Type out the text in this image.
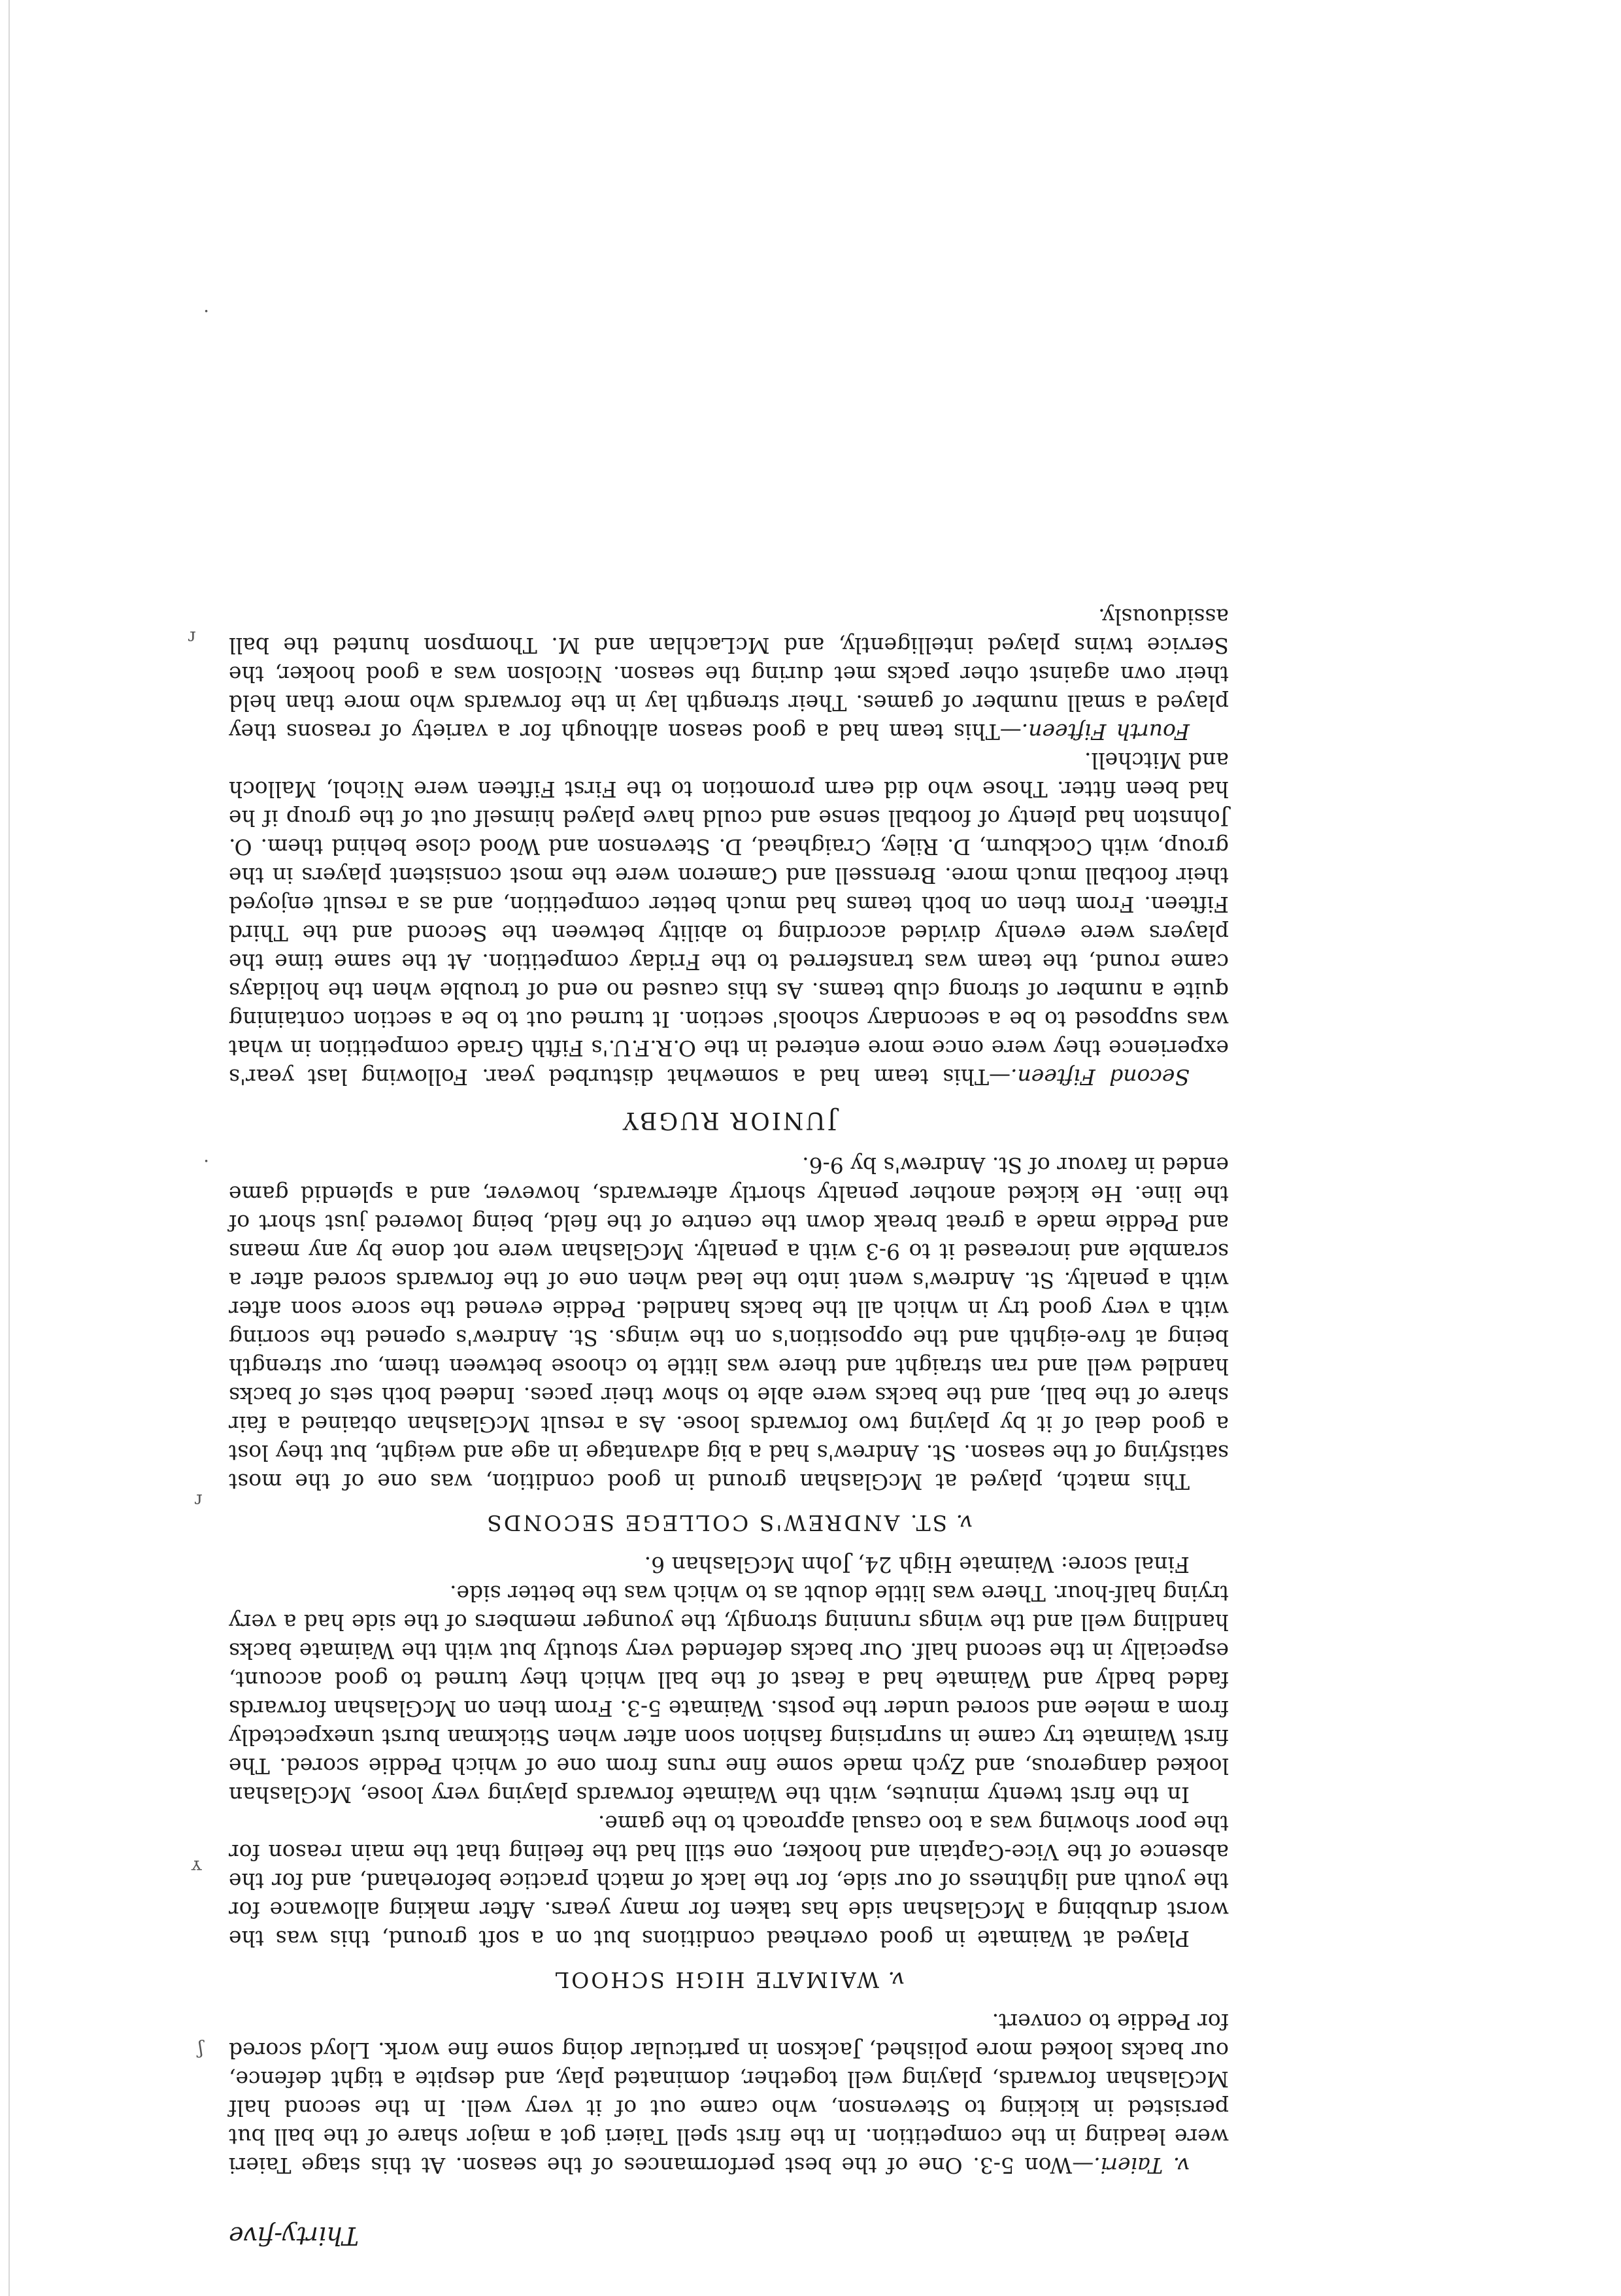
ʃ
ʏ
ɾ
·
ɾ
·
Thirty-five

v. Taieri.—Won 5-3. One of the best performances of the season. At this stage Taieri were leading in the competition. In the first spell Taieri got a major share of the ball but persisted in kicking to Stevenson, who came out of it very well. In the second half McGlashan forwards, playing well together, dominated play, and despite a tight defence, our backs looked more polished, Jackson in particular doing some fine work. Lloyd scored for Peddie to convert.

v. WAIMATE HIGH SCHOOL

Played at Waimate in good overhead conditions but on a soft ground, this was the worst drubbing a McGlashan side has taken for many years. After making allowance for the youth and lightness of our side, for the lack of match practice beforehand, and for the absence of the Vice-Captain and hooker, one still had the feeling that the main reason for the poor showing was a too casual approach to the game.

In the first twenty minutes, with the Waimate forwards playing very loose, McGlashan looked dangerous, and Zych made some fine runs from one of which Peddie scored. The first Waimate try came in surprising fashion soon after when Stickman burst unexpectedly from a melee and scored under the posts. Waimate 5-3. From then on McGlashan forwards faded badly and Waimate had a feast of the ball which they turned to good account, especially in the second half. Our backs defended very stoutly but with the Waimate backs handling well and the wings running strongly, the younger members of the side had a very trying half-hour. There was little doubt as to which was the better side.

Final score: Waimate High 24, John McGlashan 6.

v. ST. ANDREW'S COLLEGE SECONDS

This match, played at McGlashan ground in good condition, was one of the most satisfying of the season. St. Andrew's had a big advantage in age and weight, but they lost a good deal of it by playing two forwards loose. As a result McGlashan obtained a fair share of the ball, and the backs were able to show their paces. Indeed both sets of backs handled well and ran straight and there was little to choose between them, our strength being at five-eighth and the opposition's on the wings. St. Andrew's opened the scoring with a very good try in which all the backs handled. Peddie evened the score soon after with a penalty. St. Andrew's went into the lead when one of the forwards scored after a scramble and increased it to 9-3 with a penalty. McGlashan were not done by any means and Peddie made a great break down the centre of the field, being lowered just short of the line. He kicked another penalty shortly afterwards, however, and a splendid game ended in favour of St. Andrew's by 9-6.

JUNIOR RUGBY

Second Fifteen.—This team had a somewhat disturbed year. Following last year's experience they were once more entered in the O.R.F.U.'s Fifth Grade competition in what was supposed to be a secondary schools' section. It turned out to be a section containing quite a number of strong club teams. As this caused no end of trouble when the holidays came round, the team was transferred to the Friday competition. At the same time the players were evenly divided according to ability between the Second and the Third Fifteen. From then on both teams had much better competition, and as a result enjoyed their football much more. Brenssell and Cameron were the most consistent players in the group, with Cockburn, D. Riley, Craighead, D. Stevenson and Wood close behind them. O. Johnston had plenty of football sense and could have played himself out of the group if he had been fitter. Those who did earn promotion to the First Fifteen were Nichol, Malloch and Mitchell.

Fourth Fifteen.—This team had a good season although for a variety of reasons they played a small number of games. Their strength lay in the forwards who more than held their own against other packs met during the season. Nicolson was a good hooker, the Service twins played intelligently, and McLachlan and M. Thompson hunted the ball assiduously.
